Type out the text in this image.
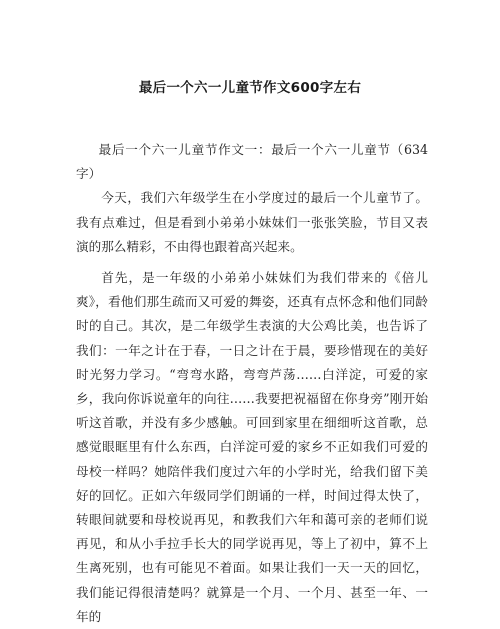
最后一个六一儿童节作文600字左右

最后一个六一儿童节作文一：最后一个六一儿童节（634字）

今天，我们六年级学生在小学度过的最后一个儿童节了。我有点难过，但是看到小弟弟小妹妹们一张张笑脸，节目又表演的那么精彩，不由得也跟着高兴起来。

首先，是一年级的小弟弟小妹妹们为我们带来的《倍儿爽》，看他们那生疏而又可爱的舞姿，还真有点怀念和他们同龄时的自己。其次，是二年级学生表演的大公鸡比美，也告诉了我们：一年之计在于春，一日之计在于晨，要珍惜现在的美好时光努力学习。“弯弯水路，弯弯芦荡……白洋淀，可爱的家乡，我向你诉说童年的向往……我要把祝福留在你身旁”刚开始听这首歌，并没有多少感触。可回到家里在细细听这首歌，总感觉眼眶里有什么东西，白洋淀可爱的家乡不正如我们可爱的母校一样吗？她陪伴我们度过六年的小学时光，给我们留下美好的回忆。正如六年级同学们朗诵的一样，时间过得太快了，转眼间就要和母校说再见，和教我们六年和蔼可亲的老师们说再见，和从小手拉手长大的同学说再见，等上了初中，算不上生离死别，也有可能见不着面。如果让我们一天一天的回忆，我们能记得很清楚吗？就算是一个月、一个月、甚至一年、一年的
